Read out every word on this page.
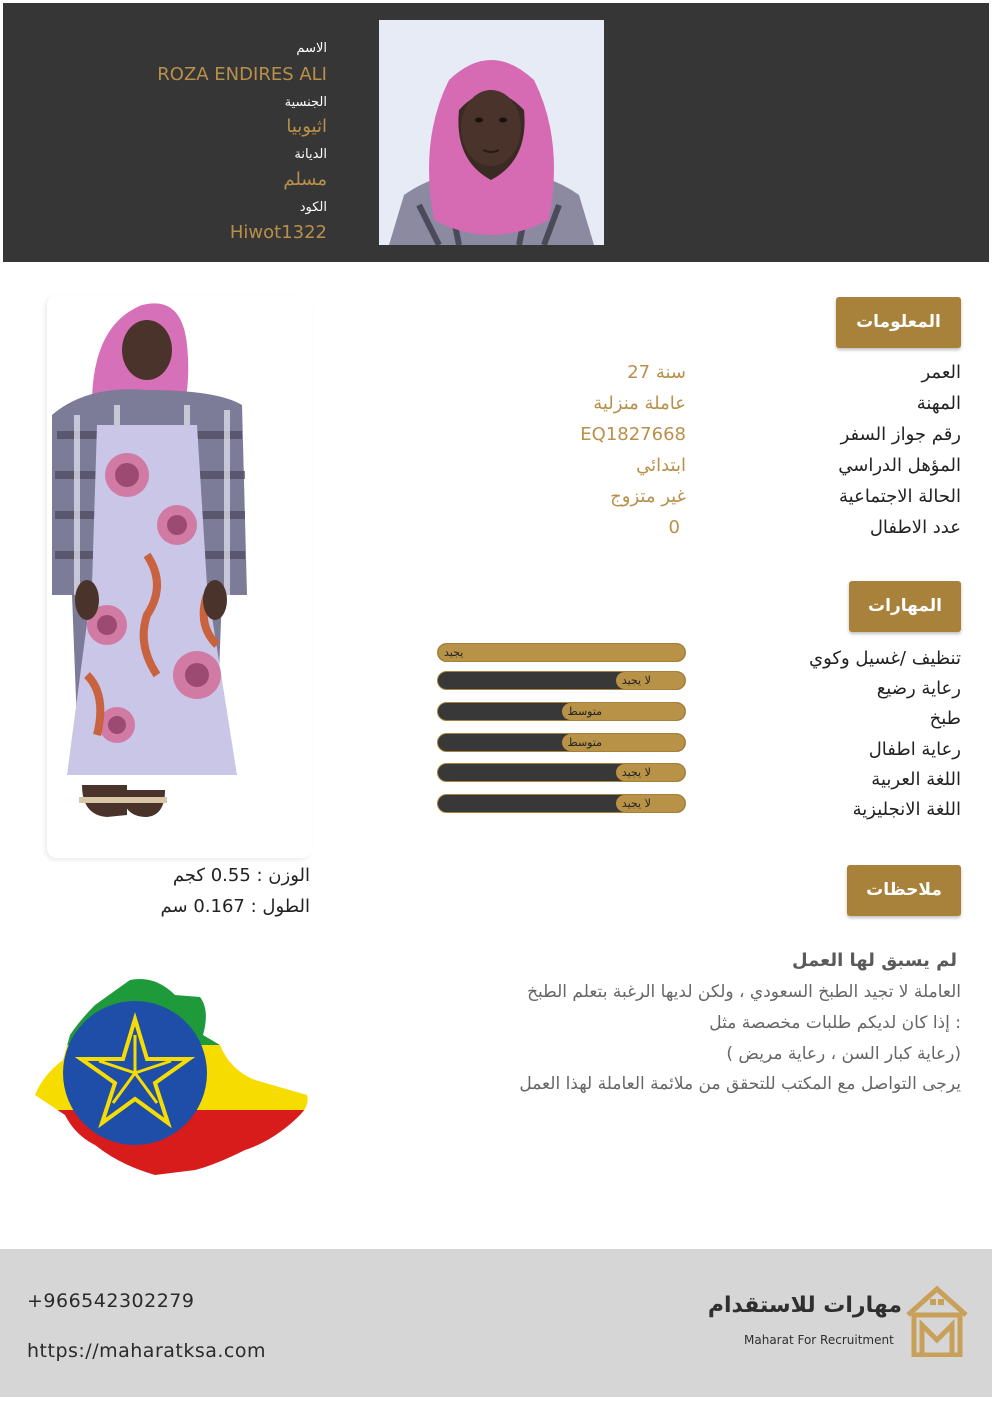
الاسم
ROZA ENDIRES ALI
الجنسية
اثيوبيا
الديانة
مسلم
الكود
Hiwot1322
الوزن : 0.55 كجم
الطول : 0.167 سم
المعلومات
العمر
27 سنة
المهنة
عاملة منزلية
رقم جواز السفر
EQ1827668
المؤهل الدراسي
ابتدائي
الحالة الاجتماعية
غير متزوج
عدد الاطفال
0
المهارات
تنظيف /غسيل وكوي
يجيد
رعاية رضيع
لا يجيد
طبخ
متوسط
رعاية اطفال
متوسط
اللغة العربية
لا يجيد
اللغة الانجليزية
لا يجيد
ملاحظات
لم يسبق لها العمل
العاملة لا تجيد الطبخ السعودي ، ولكن لديها الرغبة بتعلم الطبخ
إذا كان لديكم طلبات مخصصة مثل :
( رعاية كبار السن ، رعاية مريض)
يرجى التواصل مع المكتب للتحقق من ملائمة العاملة لهذا العمل
+966542302279
https://maharatksa.com
مهارات للاستقدام
Maharat For Recruitment
